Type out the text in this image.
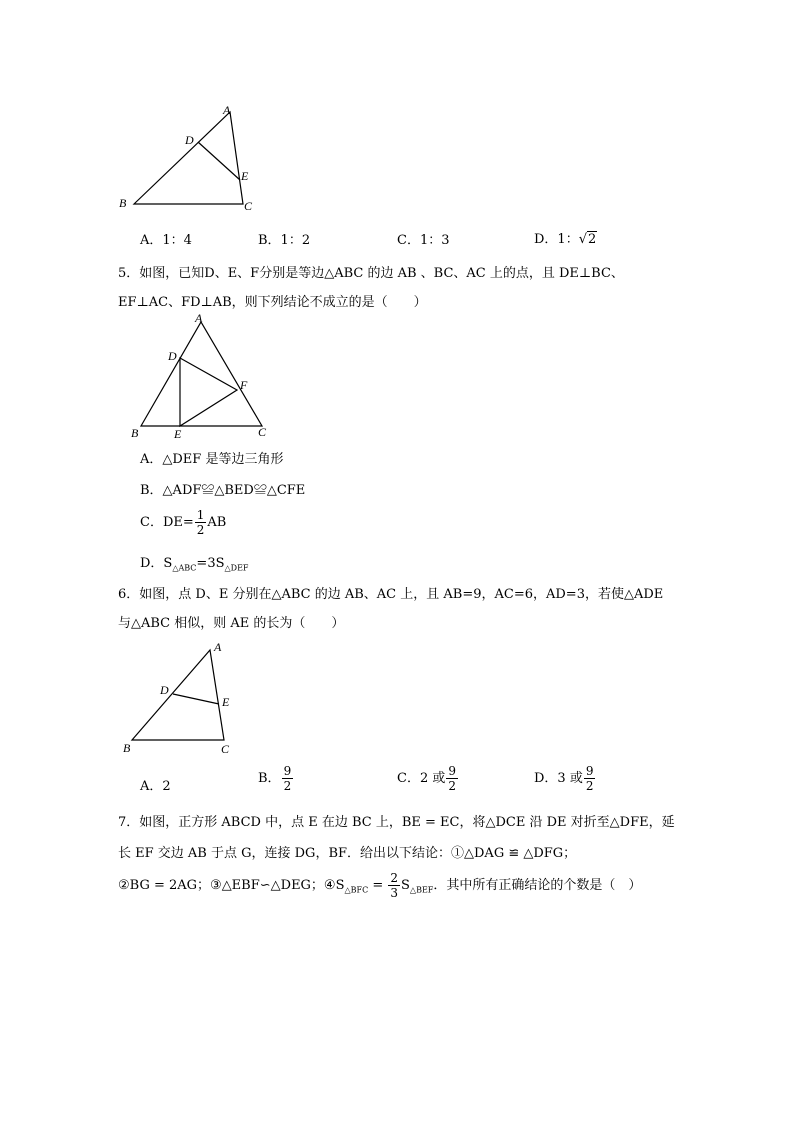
A
B	C
D
E
A．1：4	B．1：2	C．1：3	D．1：√2
5．如图，已知D、E、F分别是等边△ABC 的边 AB 、BC、AC 上的点，且 DE⊥BC、
EF⊥AC、FD⊥AB，则下列结论不成立的是（　　）
A
B	C
D
E
F
A．△DEF 是等边三角形
B．△ADF≌△BED≌△CFE
C．$DE= \frac{1}{2}$ AB
D．$S_{\triangle ABC}=3S_{\triangle DEF}$
6．如图，点 D、E 分别在△ABC 的边 AB、AC 上，且 AB=9，AC=6，AD=3，若使△ADE
与△ABC 相似，则 AE 的长为（　　）
A
B	C
D
E
A．2
B． $\frac{9}{2}$	C．2 或 $\frac{9}{2}$	D．3 或 $\frac{9}{2}$
7．如图，正方形 ABCD 中，点 E 在边 BC 上，BE = EC，将△DCE 沿 DE 对折至△DFE，延
长 EF 交边 AB 于点 G，连接 DG，BF．给出以下结论：①△DAG ≌ △DFG；
②BG = 2AG；③△EBF∽△DEG；$④S_{\triangle BFC} = \frac{2}{3} S_{\triangle BEF}$．其中所有正确结论的个数是（　）
